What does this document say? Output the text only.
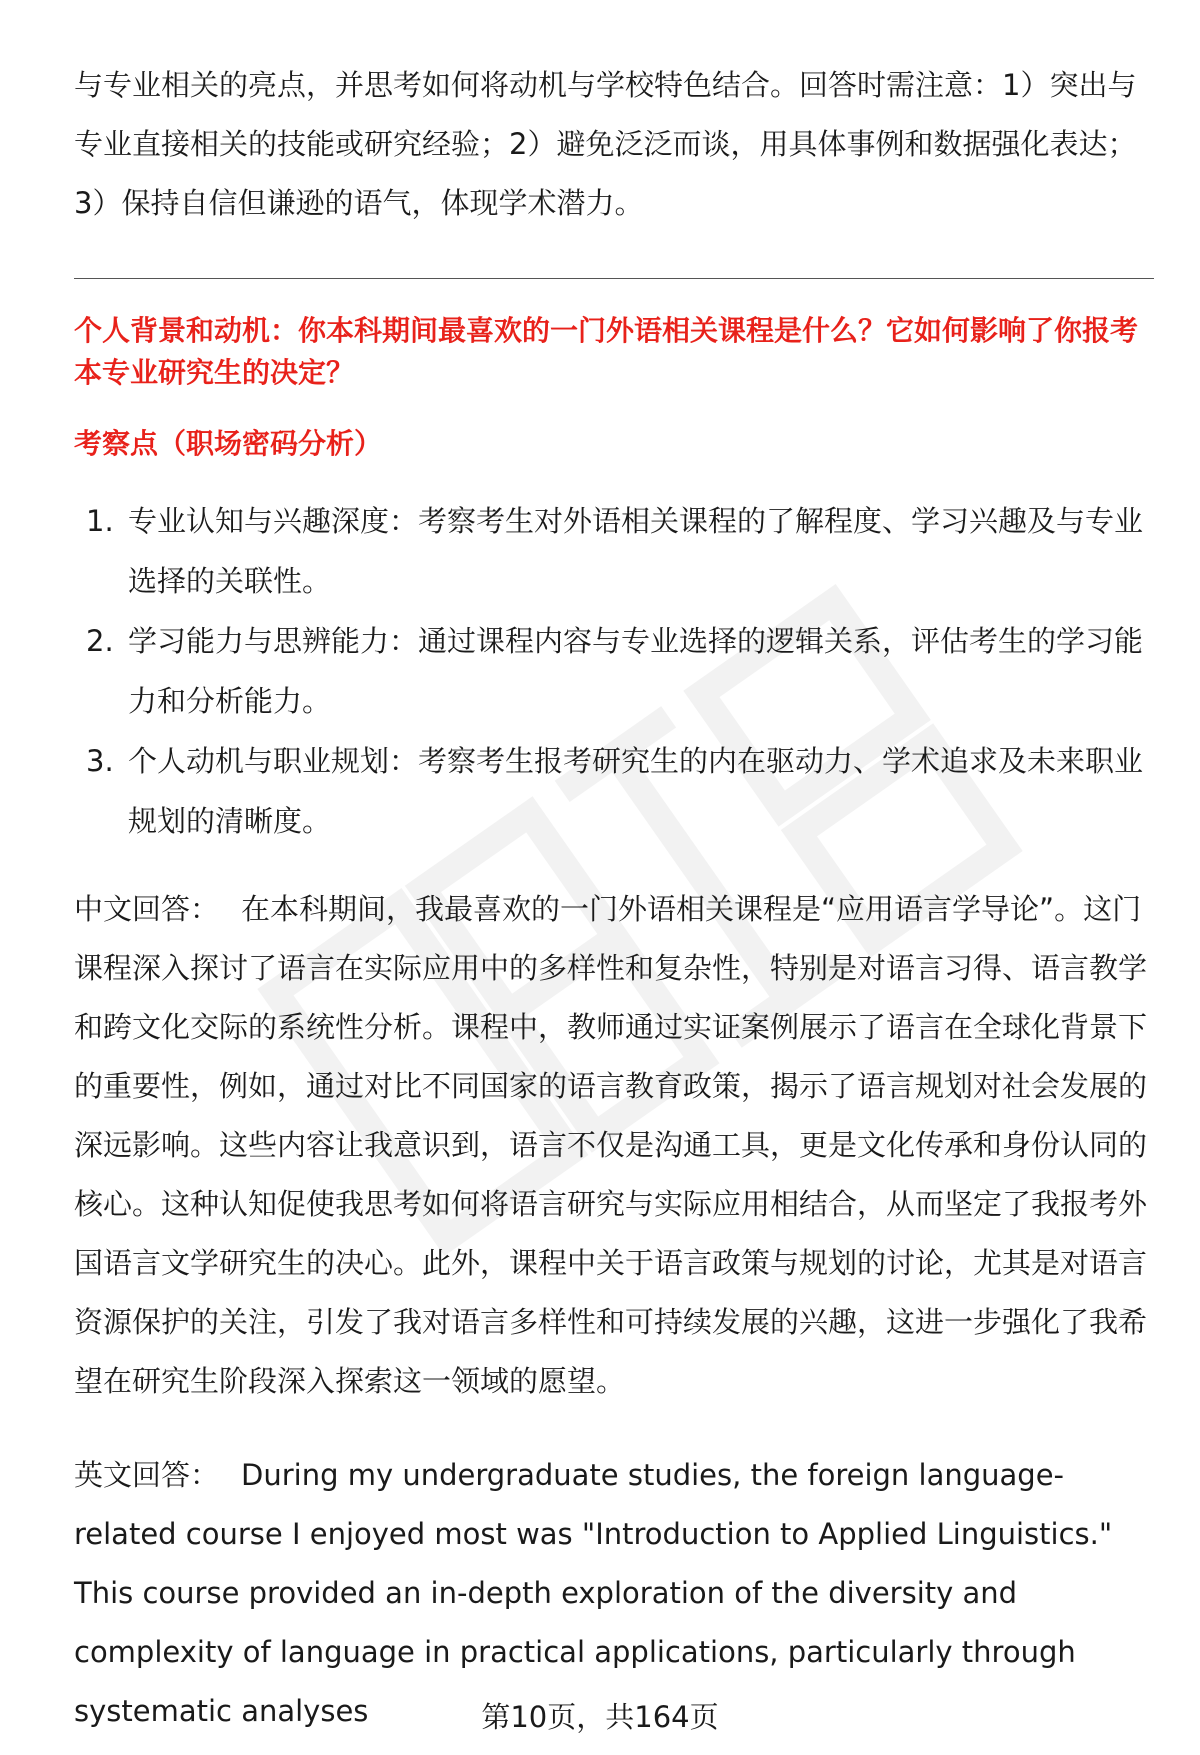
与专业相关的亮点，并思考如何将动机与学校特色结合。回答时需注意：1）突出与专业直接相关的技能或研究经验；2）避免泛泛而谈，用具体事例和数据强化表达；3）保持自信但谦逊的语气，体现学术潜力。

个人背景和动机：你本科期间最喜欢的一门外语相关课程是什么？它如何影响了你报考本专业研究生的决定？
考察点（职场密码分析）
1. 专业认知与兴趣深度：考察考生对外语相关课程的了解程度、学习兴趣及与专业选择的关联性。
2. 学习能力与思辨能力：通过课程内容与专业选择的逻辑关系，评估考生的学习能力和分析能力。
3. 个人动机与职业规划：考察考生报考研究生的内在驱动力、学术追求及未来职业规划的清晰度。

中文回答： 在本科期间，我最喜欢的一门外语相关课程是“应用语言学导论”。这门课程深入探讨了语言在实际应用中的多样性和复杂性，特别是对语言习得、语言教学和跨文化交际的系统性分析。课程中，教师通过实证案例展示了语言在全球化背景下的重要性，例如，通过对比不同国家的语言教育政策，揭示了语言规划对社会发展的深远影响。这些内容让我意识到，语言不仅是沟通工具，更是文化传承和身份认同的核心。这种认知促使我思考如何将语言研究与实际应用相结合，从而坚定了我报考外国语言文学研究生的决心。此外，课程中关于语言政策与规划的讨论，尤其是对语言资源保护的关注，引发了我对语言多样性和可持续发展的兴趣，这进一步强化了我希望在研究生阶段深入探索这一领域的愿望。

英文回答： During my undergraduate studies, the foreign language-related course I enjoyed most was "Introduction to Applied Linguistics." This course provided an in-depth exploration of the diversity and complexity of language in practical applications, particularly through systematic analyses	第10页，共164页
